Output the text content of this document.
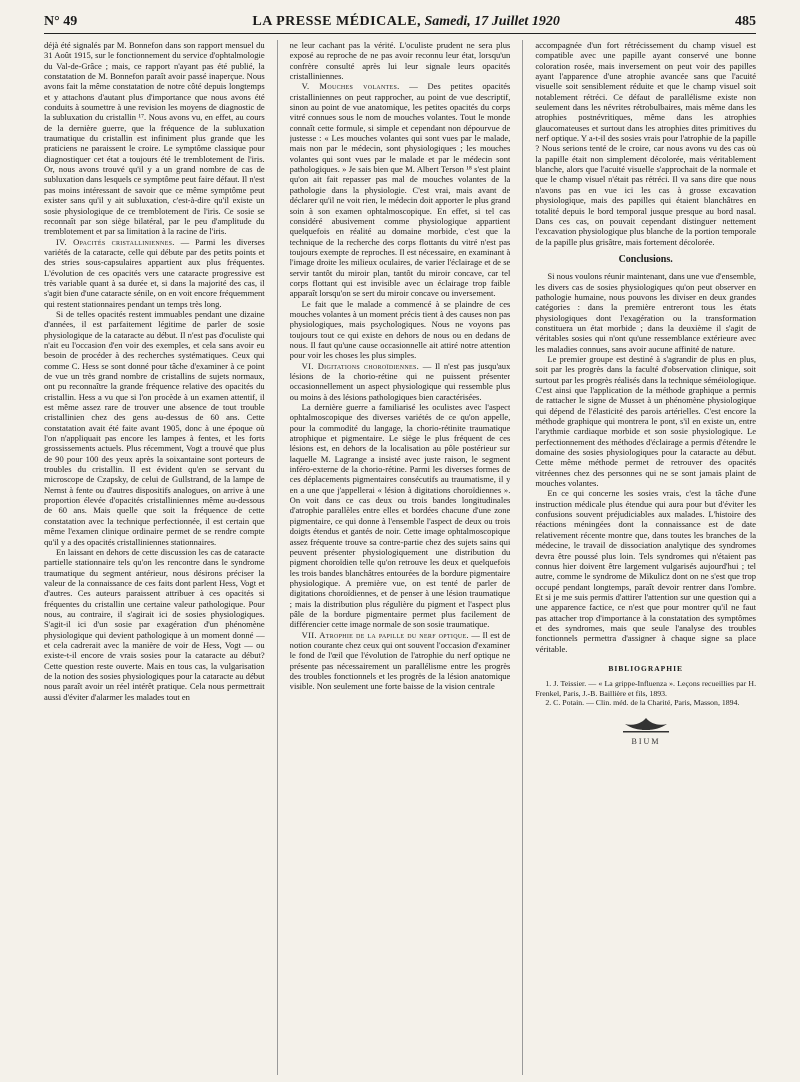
N° 49	LA PRESSE MÉDICALE, Samedi, 17 Juillet 1920	485

déjà été signalés par M. Bonnefon dans son rapport mensuel du 31 Août 1915, sur le fonctionnement du service d'ophtalmologie du Val-de-Grâce ; mais, ce rapport n'ayant pas été publié, la constatation de M. Bonnefon paraît avoir passé inaperçue. Nous avons fait la même constatation de notre côté depuis longtemps et y attachons d'autant plus d'importance que nous avons été conduits à soumettre à une revision les moyens de diagnostic de la subluxation du cristallin ¹⁷. Nous avons vu, en effet, au cours de la dernière guerre, que la fréquence de la subluxation traumatique du cristallin est infiniment plus grande que les praticiens ne paraissent le croire. Le symptôme classique pour diagnostiquer cet état a toujours été le tremblotement de l'iris. Or, nous avons trouvé qu'il y a un grand nombre de cas de subluxation dans lesquels ce symptôme peut faire défaut. Il n'est pas moins intéressant de savoir que ce même symptôme peut exister sans qu'il y ait subluxation, c'est-à-dire qu'il existe un sosie physiologique de ce tremblotement de l'iris. Ce sosie se reconnaît par son siège bilatéral, par le peu d'amplitude du tremblotement et par sa limitation à la racine de l'iris.

IV. Opacités cristalliniennes. — Parmi les diverses variétés de la cataracte, celle qui débute par des petits points et des stries sous-capsulaires appartient aux plus fréquentes. L'évolution de ces opacités vers une cataracte progressive est très variable quant à sa durée et, si dans la majorité des cas, il s'agit bien d'une cataracte sénile, on en voit encore fréquemment qui restent stationnaires pendant un temps très long.

Si de telles opacités restent immuables pendant une dizaine d'années, il est parfaitement légitime de parler de sosie physiologique de la cataracte au début. Il n'est pas d'oculiste qui n'ait eu l'occasion d'en voir des exemples, et cela sans avoir eu besoin de procéder à des recherches systématiques. Ceux qui comme C. Hess se sont donné pour tâche d'examiner à ce point de vue un très grand nombre de cristallins de sujets normaux, ont pu reconnaître la grande fréquence relative des opacités du cristallin. Hess a vu que si l'on procède à un examen attentif, il est même assez rare de trouver une absence de tout trouble cristallinien chez des gens au-dessus de 60 ans. Cette constatation avait été faite avant 1905, donc à une époque où l'on n'appliquait pas encore les lampes à fentes, et les forts grossissements actuels. Plus récemment, Vogt a trouvé que plus de 90 pour 100 des yeux après la soixantaine sont porteurs de troubles du cristallin. Il est évident qu'en se servant du microscope de Czapsky, de celui de Gullstrand, de la lampe de Nernst à fente ou d'autres dispositifs analogues, on arrive à une proportion élevée d'opacités cristalliniennes même au-dessous de 60 ans. Mais quelle que soit la fréquence de cette constatation avec la technique perfectionnée, il est certain que même l'examen clinique ordinaire permet de se rendre compte qu'il y a des opacités cristalliniennes stationnaires.

En laissant en dehors de cette discussion les cas de cataracte partielle stationnaire tels qu'on les rencontre dans le syndrome traumatique du segment antérieur, nous désirons préciser la valeur de la connaissance de ces faits dont parlent Hess, Vogt et d'autres. Ces auteurs paraissent attribuer à ces opacités si fréquentes du cristallin une certaine valeur pathologique. Pour nous, au contraire, il s'agirait ici de sosies physiologiques. S'agit-il ici d'un sosie par exagération d'un phénomène physiologique qui devient pathologique à un moment donné — et cela cadrerait avec la manière de voir de Hess, Vogt — ou existe-t-il encore de vrais sosies pour la cataracte au début? Cette question reste ouverte. Mais en tous cas, la vulgarisation de la notion des sosies physiologiques pour la cataracte au début nous paraît avoir un réel intérêt pratique. Cela nous permettrait aussi d'éviter d'alarmer les malades tout en

ne leur cachant pas la vérité. L'oculiste prudent ne sera plus exposé au reproche de ne pas avoir reconnu leur état, lorsqu'un confrère consulté après lui leur signale leurs opacités cristalliniennes.

V. Mouches volantes. — Des petites opacités cristalliniennes on peut rapprocher, au point de vue descriptif, sinon au point de vue anatomique, les petites opacités du corps vitré connues sous le nom de mouches volantes. Tout le monde connaît cette formule, si simple et cependant non dépourvue de justesse : « Les mouches volantes qui sont vues par le malade, mais non par le médecin, sont physiologiques ; les mouches volantes qui sont vues par le malade et par le médecin sont pathologiques. » Je sais bien que M. Albert Terson ¹⁸ s'est plaint qu'on ait fait repasser pas mal de mouches volantes de la pathologie dans la physiologie. C'est vrai, mais avant de déclarer qu'il ne voit rien, le médecin doit apporter le plus grand soin à son examen ophtalmoscopique. En effet, si tel cas considéré abusivement comme physiologique appartient quelquefois en réalité au domaine morbide, c'est que la technique de la recherche des corps flottants du vitré n'est pas toujours exempte de reproches. Il est nécessaire, en examinant à l'image droite les milieux oculaires, de varier l'éclairage et de se servir tantôt du miroir plan, tantôt du miroir concave, car tel corps flottant qui est invisible avec un éclairage trop faible apparaît lorsqu'on se sert du miroir concave ou inversement.

Le fait que le malade a commencé à se plaindre de ces mouches volantes à un moment précis tient à des causes non pas physiologiques, mais psychologiques. Nous ne voyons pas toujours tout ce qui existe en dehors de nous ou en dedans de nous. Il faut qu'une cause occasionnelle ait attiré notre attention pour voir les choses les plus simples.

VI. Digitations choroïdiennes. — Il n'est pas jusqu'aux lésions de la chorio-rétine qui ne puissent présenter occasionnellement un aspect physiologique qui ressemble plus ou moins à des lésions pathologiques bien caractérisées.

La dernière guerre a familiarisé les oculistes avec l'aspect ophtalmoscopique des diverses variétés de ce qu'on appelle, pour la commodité du langage, la chorio-rétinite traumatique atrophique et pigmentaire. Le siège le plus fréquent de ces lésions est, en dehors de la localisation au pôle postérieur sur laquelle M. Lagrange a insisté avec juste raison, le segment inféro-externe de la chorio-rétine. Parmi les diverses formes de ces déplacements pigmentaires consécutifs au traumatisme, il y en a une que j'appellerai « lésion à digitations choroïdiennes ». On voit dans ce cas deux ou trois bandes longitudinales d'atrophie parallèles entre elles et bordées chacune d'une zone pigmentaire, ce qui donne à l'ensemble l'aspect de deux ou trois doigts étendus et gantés de noir. Cette image ophtalmoscopique assez fréquente trouve sa contre-partie chez des sujets sains qui peuvent présenter physiologiquement une distribution du pigment choroïdien telle qu'on retrouve les deux et quelquefois les trois bandes blanchâtres entourées de la bordure pigmentaire physiologique. A première vue, on est tenté de parler de digitations choroïdiennes, et de penser à une lésion traumatique ; mais la distribution plus régulière du pigment et l'aspect plus pâle de la bordure pigmentaire permet plus facilement de différencier cette image normale de son sosie traumatique.

VII. Atrophie de la papille du nerf optique. — Il est de notion courante chez ceux qui ont souvent l'occasion d'examiner le fond de l'œil que l'évolution de l'atrophie du nerf optique ne présente pas nécessairement un parallélisme entre les progrès des troubles fonctionnels et les progrès de la lésion anatomique visible. Non seulement une forte baisse de la vision centrale

accompagnée d'un fort rétrécissement du champ visuel est compatible avec une papille ayant conservé une bonne coloration rosée, mais inversement on peut voir des papilles ayant l'apparence d'une atrophie avancée sans que l'acuité visuelle soit sensiblement réduite et que le champ visuel soit notablement rétréci. Ce défaut de parallélisme existe non seulement dans les névrites rétrobulbaires, mais même dans les atrophies postnévritiques, même dans les atrophies glaucomateuses et surtout dans les atrophies dites primitives du nerf optique. Y a-t-il des sosies vrais pour l'atrophie de la papille ? Nous serions tenté de le croire, car nous avons vu des cas où la papille était non simplement décolorée, mais véritablement blanche, alors que l'acuité visuelle s'approchait de la normale et que le champ visuel n'était pas rétréci. Il va sans dire que nous n'avons pas en vue ici les cas à grosse excavation physiologique, mais des papilles qui étaient blanchâtres en totalité depuis le bord temporal jusque presque au bord nasal. Dans ces cas, on pouvait cependant distinguer nettement l'excavation physiologique plus blanche de la portion temporale de la papille plus grisâtre, mais fortement décolorée.

Conclusions.

Si nous voulons réunir maintenant, dans une vue d'ensemble, les divers cas de sosies physiologiques qu'on peut observer en pathologie humaine, nous pouvons les diviser en deux grandes catégories : dans la première entreront tous les états physiologiques dont l'exagération ou la transformation constituera un état morbide ; dans la deuxième il s'agit de véritables sosies qui n'ont qu'une ressemblance extérieure avec les maladies connues, sans avoir aucune affinité de nature.

Le premier groupe est destiné à s'agrandir de plus en plus, soit par les progrès dans la faculté d'observation clinique, soit surtout par les progrès réalisés dans la technique séméiologique. C'est ainsi que l'application de la méthode graphique a permis de rattacher le signe de Musset à un phénomène physiologique qui dépend de l'élasticité des parois artérielles. C'est encore la méthode graphique qui montrera le pont, s'il en existe un, entre l'arythmie cardiaque morbide et son sosie physiologique. Le perfectionnement des méthodes d'éclairage a permis d'étendre le domaine des sosies physiologiques pour la cataracte au début. Cette même méthode permet de retrouver des opacités vitréennes chez des personnes qui ne se sont jamais plaint de mouches volantes.

En ce qui concerne les sosies vrais, c'est la tâche d'une instruction médicale plus étendue qui aura pour but d'éviter les confusions souvent préjudiciables aux malades. L'histoire des réactions méningées dont la connaissance est de date relativement récente montre que, dans toutes les branches de la médecine, le travail de dissociation analytique des syndromes devra être poussé plus loin. Tels syndromes qui n'étaient pas connus hier doivent être largement vulgarisés aujourd'hui ; tel autre, comme le syndrome de Mikulicz dont on ne s'est que trop occupé pendant longtemps, paraît devoir rentrer dans l'ombre. Et si je me suis permis d'attirer l'attention sur une question qui a une apparence factice, ce n'est que pour montrer qu'il ne faut pas attacher trop d'importance à la constatation des symptômes et des syndromes, mais que seule l'analyse des troubles fonctionnels permettra d'assigner à chaque signe sa place véritable.

BIBLIOGRAPHIE

1. J. Teissier. — « La grippe-Influenza ». Leçons recueillies par H. Frenkel, Paris, J.-B. Baillière et fils, 1893.

2. C. Potain. — Clin. méd. de la Charité, Paris, Masson, 1894.

BIUM
